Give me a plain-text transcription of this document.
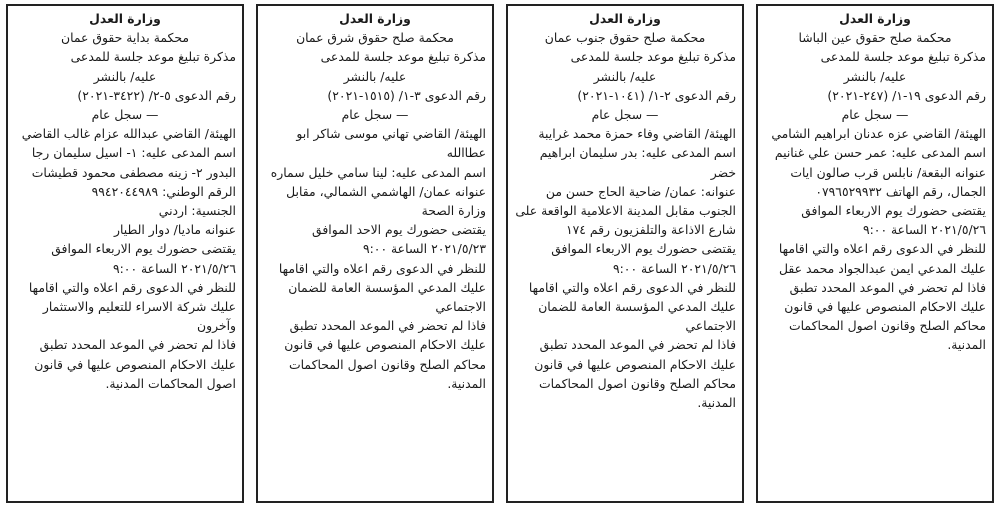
وزارة العدل
محكمة صلح حقوق عين الباشا
مذكرة تبليغ موعد جلسة للمدعى
عليه/ بالنشر
رقم الدعوى ١٩-١/ (٢٤٧-٢٠٢١)
— سجل عام
الهيئة/ القاضي عزه عدنان ابراهيم الشامي
اسم المدعى عليه: عمر حسن علي غنانيم
عنوانه البقعة/ نابلس قرب صالون ايات الجمال، رقم الهاتف ٠٧٩٦٥٢٩٩٣٢
يقتضى حضورك يوم الاربعاء الموافق ٢٠٢١/٥/٢٦ الساعة ٩:٠٠
للنظر في الدعوى رقم اعلاه والتي اقامها عليك المدعي ايمن عبدالجواد محمد عقل
فاذا لم تحضر في الموعد المحدد تطبق عليك الاحكام المنصوص عليها في قانون محاكم الصلح وقانون اصول المحاكمات المدنية.
وزارة العدل
محكمة صلح حقوق جنوب عمان
مذكرة تبليغ موعد جلسة للمدعى
عليه/ بالنشر
رقم الدعوى ٢-١/ (١٠٤١-٢٠٢١)
— سجل عام
الهيئة/ القاضي وفاء حمزة محمد غرايبة
اسم المدعى عليه: بدر سليمان ابراهيم خضر
عنوانه: عمان/ ضاحية الحاج حسن من الجنوب مقابل المدينة الاعلامية الواقعة على شارع الاذاعة والتلفزيون رقم ١٧٤
يقتضى حضورك يوم الاربعاء الموافق ٢٠٢١/٥/٢٦ الساعة ٩:٠٠
للنظر في الدعوى رقم اعلاه والتي اقامها عليك المدعي المؤسسة العامة للضمان الاجتماعي
فاذا لم تحضر في الموعد المحدد تطبق عليك الاحكام المنصوص عليها في قانون محاكم الصلح وقانون اصول المحاكمات المدنية.
وزارة العدل
محكمة صلح حقوق شرق عمان
مذكرة تبليغ موعد جلسة للمدعى
عليه/ بالنشر
رقم الدعوى ٣-١/ (١٥١٥-٢٠٢١)
— سجل عام
الهيئة/ القاضي تهاني موسى شاكر ابو عطاالله
اسم المدعى عليه: لينا سامي خليل سماره
عنوانه عمان/ الهاشمي الشمالي، مقابل وزارة الصحة
يقتضى حضورك يوم الاحد الموافق ٢٠٢١/٥/٢٣ الساعة ٩:٠٠
للنظر في الدعوى رقم اعلاه والتي اقامها عليك المدعي المؤسسة العامة للضمان الاجتماعي
فاذا لم تحضر في الموعد المحدد تطبق عليك الاحكام المنصوص عليها في قانون محاكم الصلح وقانون اصول المحاكمات المدنية.
وزارة العدل
محكمة بداية حقوق عمان
مذكرة تبليغ موعد جلسة للمدعى
عليه/ بالنشر
رقم الدعوى ٥-٢/ (٣٤٢٢-٢٠٢١)
— سجل عام
الهيئة/ القاضي عبدالله عزام غالب القاضي
اسم المدعى عليه: ١- اسيل سليمان رجا البدور ٢- زينه مصطفى محمود قطيشات
الرقم الوطني: ٩٩٤٢٠٤٤٩٨٩
الجنسية: اردني
عنوانه ماديا/ دوار الطيار
يقتضى حضورك يوم الاربعاء الموافق ٢٠٢١/٥/٢٦ الساعة ٩:٠٠
للنظر في الدعوى رقم اعلاه والتي اقامها عليك شركة الاسراء للتعليم والاستثمار وآخرون
فاذا لم تحضر في الموعد المحدد تطبق عليك الاحكام المنصوص عليها في قانون اصول المحاكمات المدنية.
